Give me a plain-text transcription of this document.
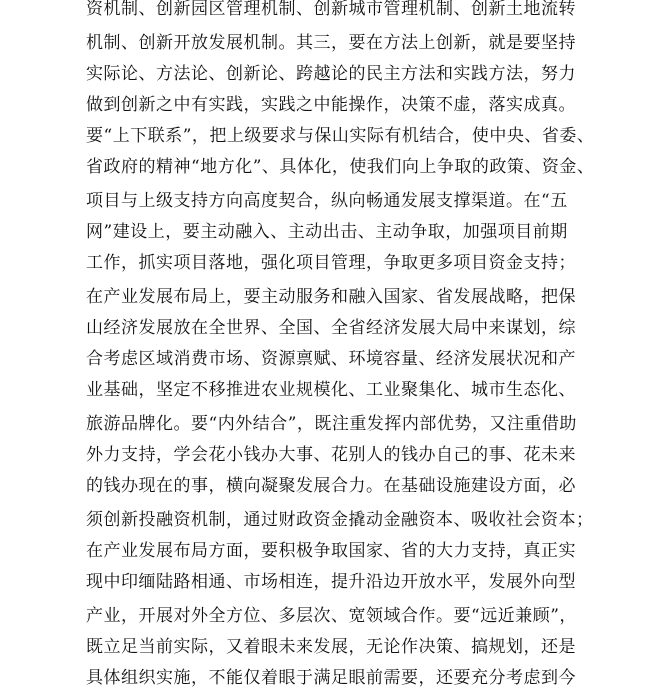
资机制、创新园区管理机制、创新城市管理机制、创新土地流转
机制、创新开放发展机制。其三，要在方法上创新，就是要坚持
实际论、方法论、创新论、跨越论的民主方法和实践方法，努力
做到创新之中有实践，实践之中能操作，决策不虚，落实成真。
要“上下联系”，把上级要求与保山实际有机结合，使中央、省委、
省政府的精神“地方化”、具体化，使我们向上争取的政策、资金、
项目与上级支持方向高度契合，纵向畅通发展支撑渠道。在“五
网”建设上，要主动融入、主动出击、主动争取，加强项目前期
工作，抓实项目落地，强化项目管理，争取更多项目资金支持；
在产业发展布局上，要主动服务和融入国家、省发展战略，把保
山经济发展放在全世界、全国、全省经济发展大局中来谋划，综
合考虑区域消费市场、资源禀赋、环境容量、经济发展状况和产
业基础，坚定不移推进农业规模化、工业聚集化、城市生态化、
旅游品牌化。要“内外结合”，既注重发挥内部优势，又注重借助
外力支持，学会花小钱办大事、花别人的钱办自己的事、花未来
的钱办现在的事，横向凝聚发展合力。在基础设施建设方面，必
须创新投融资机制，通过财政资金撬动金融资本、吸收社会资本；
在产业发展布局方面，要积极争取国家、省的大力支持，真正实
现中印缅陆路相通、市场相连，提升沿边开放水平，发展外向型
产业，开展对外全方位、多层次、宽领域合作。要“远近兼顾”，
既立足当前实际，又着眼未来发展，无论作决策、搞规划，还是
具体组织实施，不能仅着眼于满足眼前需要，还要充分考虑到今
